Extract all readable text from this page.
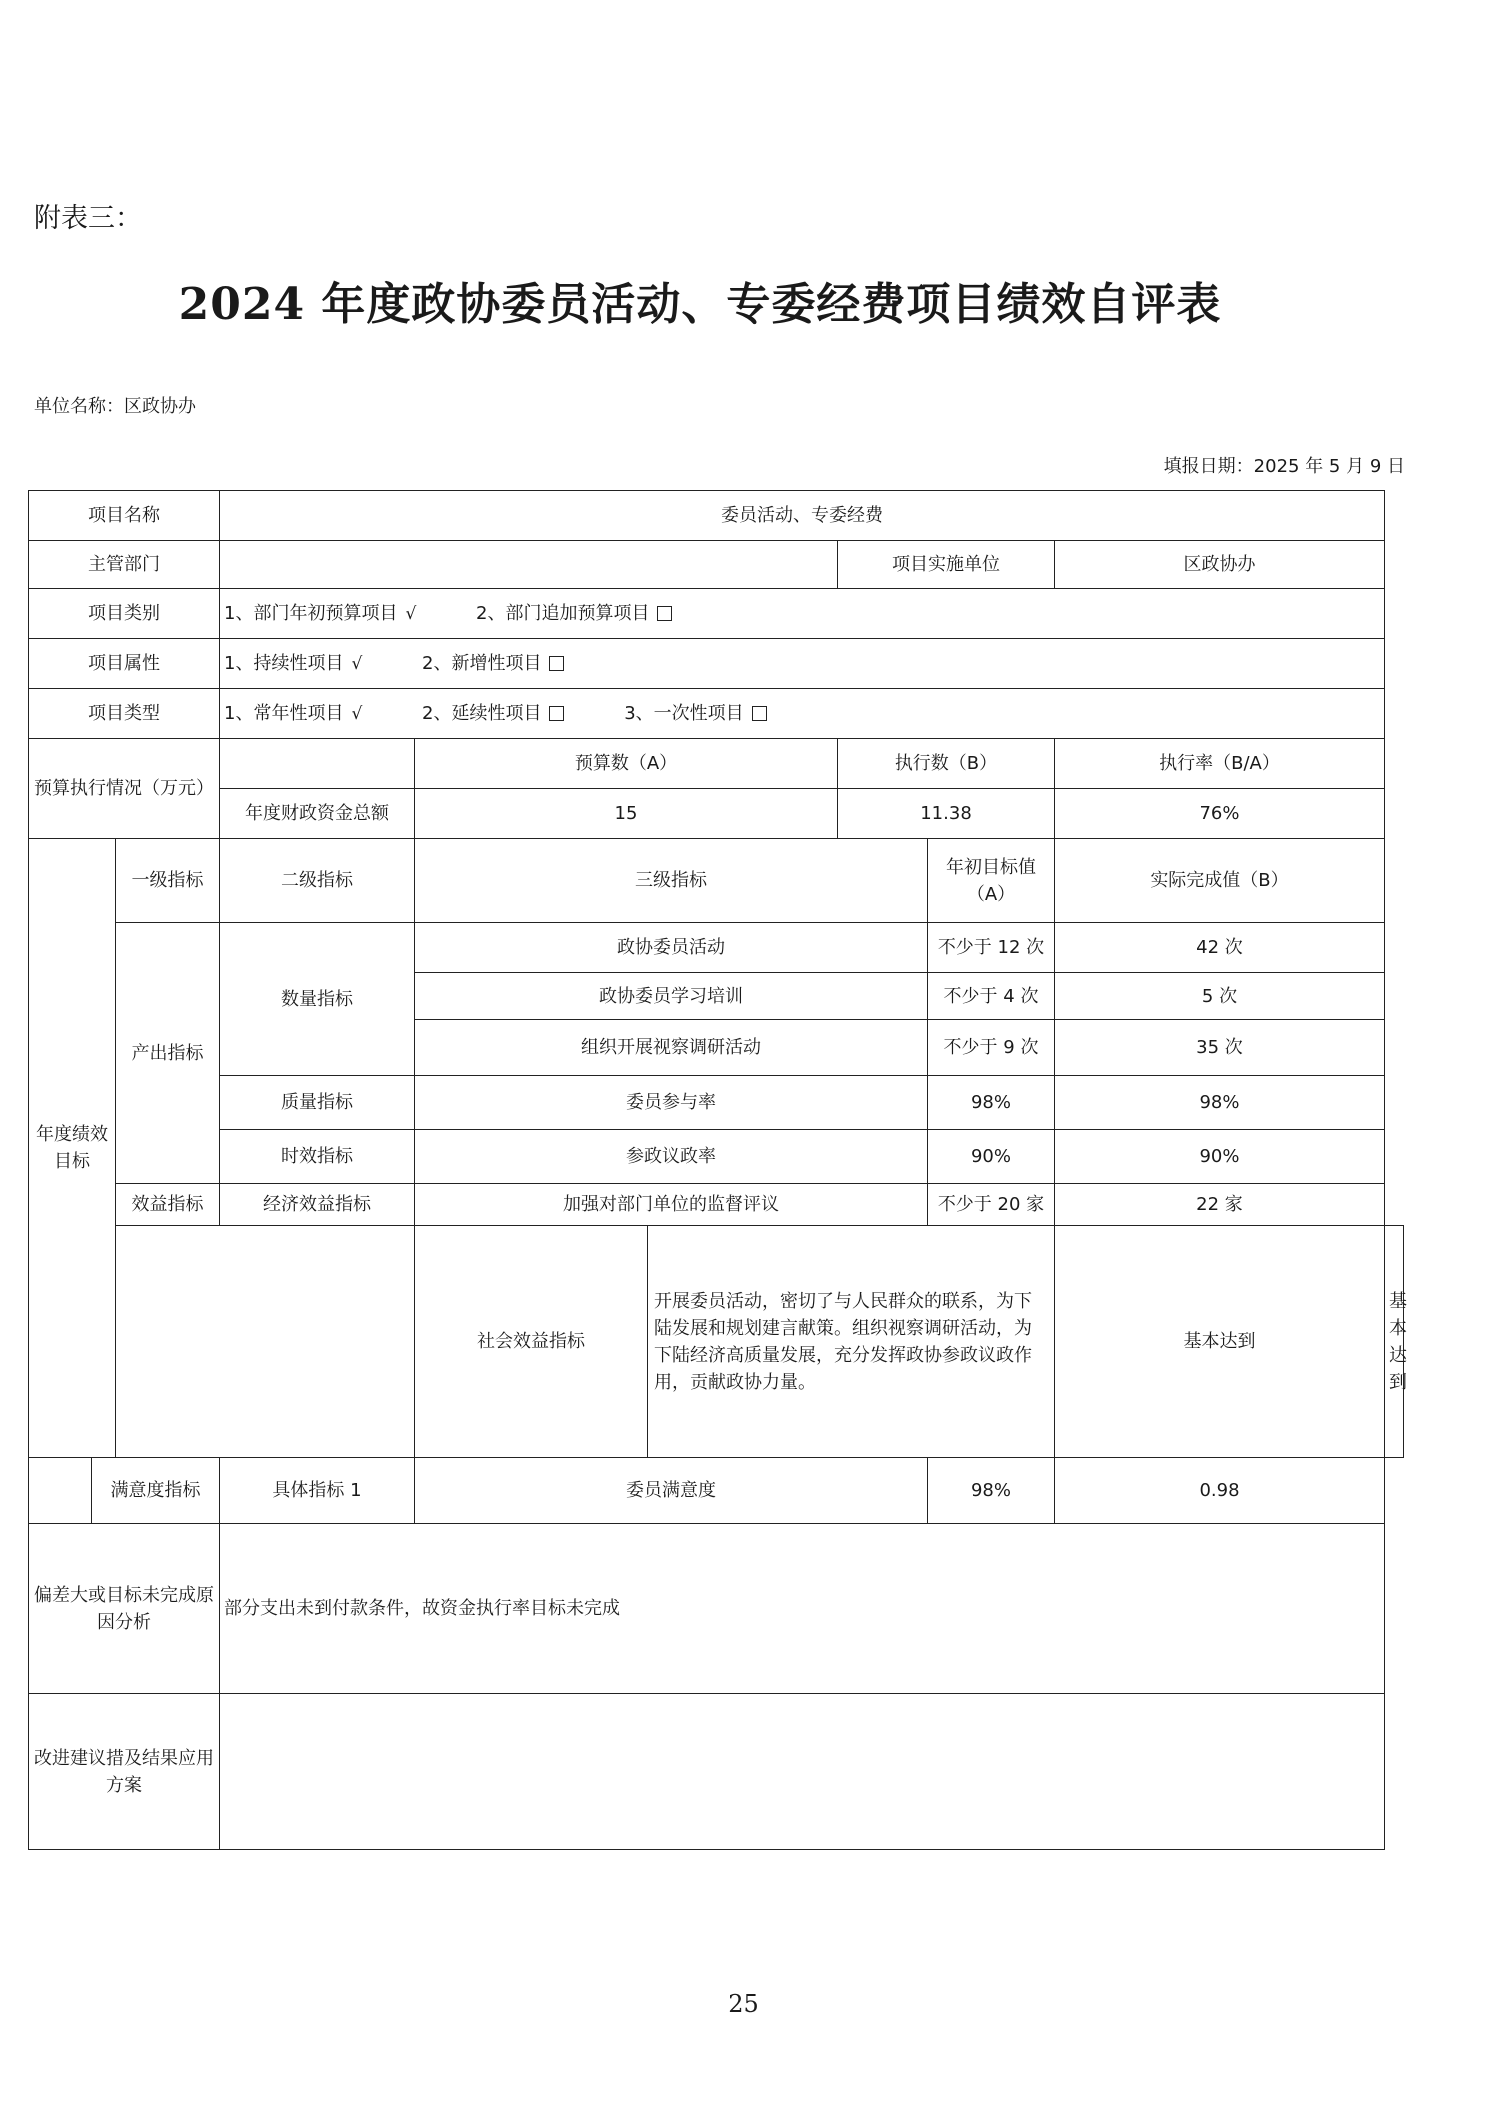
附表三：
2024 年度政协委员活动、专委经费项目绩效自评表
单位名称：区政协办
填报日期：2025 年 5 月 9 日
项目名称			委员活动、专委经费						
主管部门						项目实施单位		区政协办	
项目类别			1、部门年初预算项目 √ 2、部门追加预算项目						
项目属性			1、持续性项目 √ 2、新增性项目						
项目类型			1、常年性项目 √ 2、延续性项目 3、一次性项目						
预算执行情况（万元）				预算数（A）		执行数（B）		执行率（B/A）	
			年度财政资金总额	15		11.38		76%	
年度绩效目标		一级指标	二级指标	三级指标			年初目标值（A）	实际完成值（B）	
		产出指标	数量指标	政协委员活动			不少于 12 次	42 次	
				政协委员学习培训			不少于 4 次	5 次	
				组织开展视察调研活动			不少于 9 次	35 次	
			质量指标	委员参与率			98%	98%	
			时效指标	参政议政率			90%	90%	
		效益指标	经济效益指标	加强对部门单位的监督评议			不少于 20 家	22 家	
				社会效益指标	开展委员活动，密切了与人民群众的联系，为下陆发展和规划建言献策。组织视察调研活动，为下陆经济高质量发展，充分发挥政协参政议政作用，贡献政协力量。			基本达到	基本达到
	满意度指标		具体指标 1	委员满意度			98%	0.98	
偏差大或目标未完成原因分析			部分支出未到付款条件，故资金执行率目标未完成						
改进建议措及结果应用方案									
25
